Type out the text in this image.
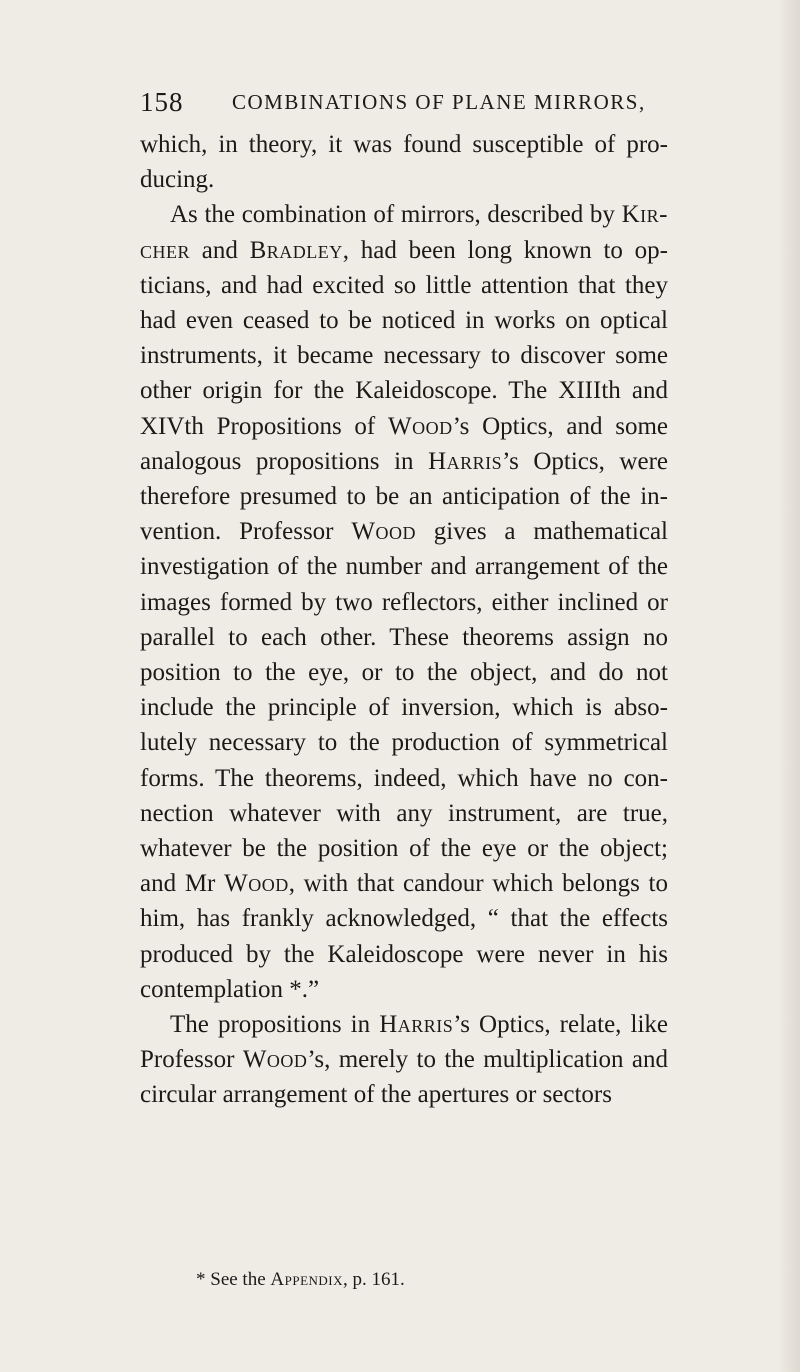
158 COMBINATIONS OF PLANE MIRRORS,

which, in theory, it was found susceptible of pro- ducing.

As the combination of mirrors, described by Kir- cher and Bradley, had been long known to op- ticians, and had excited so little attention that they had even ceased to be noticed in works on optical instruments, it became necessary to discover some other origin for the Kaleidoscope. The XIIIth and XIVth Propositions of Wood’s Optics, and some analogous propositions in Harris’s Optics, were therefore presumed to be an anticipation of the in- vention. Professor Wood gives a mathematical investigation of the number and arrangement of the images formed by two reflectors, either inclined or parallel to each other. These theorems assign no position to the eye, or to the object, and do not include the principle of inversion, which is abso- lutely necessary to the production of symmetrical forms. The theorems, indeed, which have no con- nection whatever with any instrument, are true, whatever be the position of the eye or the object; and Mr Wood, with that candour which belongs to him, has frankly acknowledged, “ that the effects produced by the Kaleidoscope were never in his contemplation *.”

The propositions in Harris’s Optics, relate, like Professor Wood’s, merely to the multiplication and circular arrangement of the apertures or sectors

* See the Appendix, p. 161.
